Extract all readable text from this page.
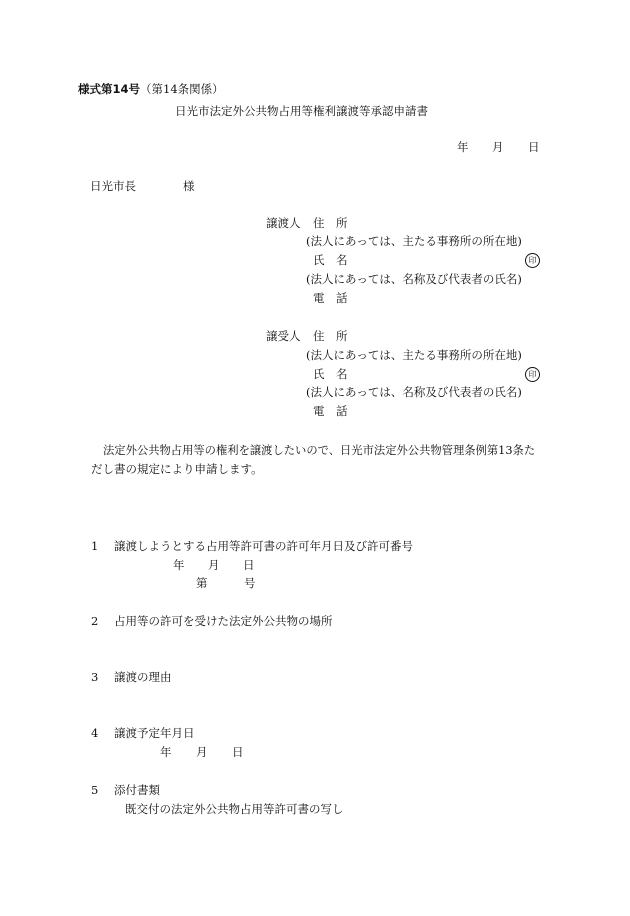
様式第14号（第14条関係）
日光市法定外公共物占用等権利譲渡等承認申請書
年 月 日
日光市長	様
譲渡人 住　所
(法人にあっては、主たる事務所の所在地)
氏　名	印
(法人にあっては、名称及び代表者の氏名)
電　話
譲受人 住　所
(法人にあっては、主たる事務所の所在地)
氏　名	印
(法人にあっては、名称及び代表者の氏名)
電　話
法定外公共物占用等の権利を譲渡したいので、日光市法定外公共物管理条例第13条た
だし書の規定により申請します。
1 譲渡しようとする占用等許可書の許可年月日及び許可番号
年 月 日
第	号
2 占用等の許可を受けた法定外公共物の場所
3 譲渡の理由
4 譲渡予定年月日
年 月 日
5 添付書類
既交付の法定外公共物占用等許可書の写し
